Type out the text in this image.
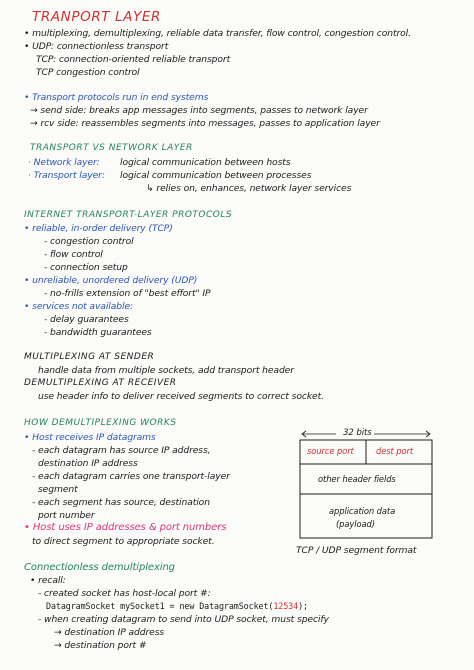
TRANPORT LAYER
• multiplexing, demultiplexing, reliable data transfer, flow control, congestion control.
• UDP: connectionless transport
TCP: connection-oriented reliable transport
TCP congestion control
• Transport protocols run in end systems
→ send side: breaks app messages into segments, passes to network layer
→ rcv side: reassembles segments into messages, passes to application layer
TRANSPORT VS NETWORK LAYER
· Network layer: logical communication between hosts
· Transport layer: logical communication between processes
↳ relies on, enhances, network layer services
INTERNET TRANSPORT-LAYER PROTOCOLS
• reliable, in-order delivery (TCP)
- congestion control
- flow control
- connection setup
• unreliable, unordered delivery (UDP)
- no-frills extension of "best effort" IP
• services not available:
- delay guarantees
- bandwidth guarantees
MULTIPLEXING AT SENDER
handle data from multiple sockets, add transport header
DEMULTIPLEXING AT RECEIVER
use header info to deliver received segments to correct socket.
HOW DEMULTIPLEXING WORKS
• Host receives IP datagrams
- each datagram has source IP address,
destination IP address
- each datagram carries one transport-layer
segment
- each segment has source, destination
port number
• Host uses IP addresses & port numbers
to direct segment to appropriate socket.
32 bits
source port	dest port
other header fields
application data
(payload)
TCP / UDP segment format
Connectionless demultiplexing
• recall:
- created socket has host-local port #:
DatagramSocket mySocket1 = new DatagramSocket(12534);
- when creating datagram to send into UDP socket, must specify
→ destination IP address
→ destination port #
